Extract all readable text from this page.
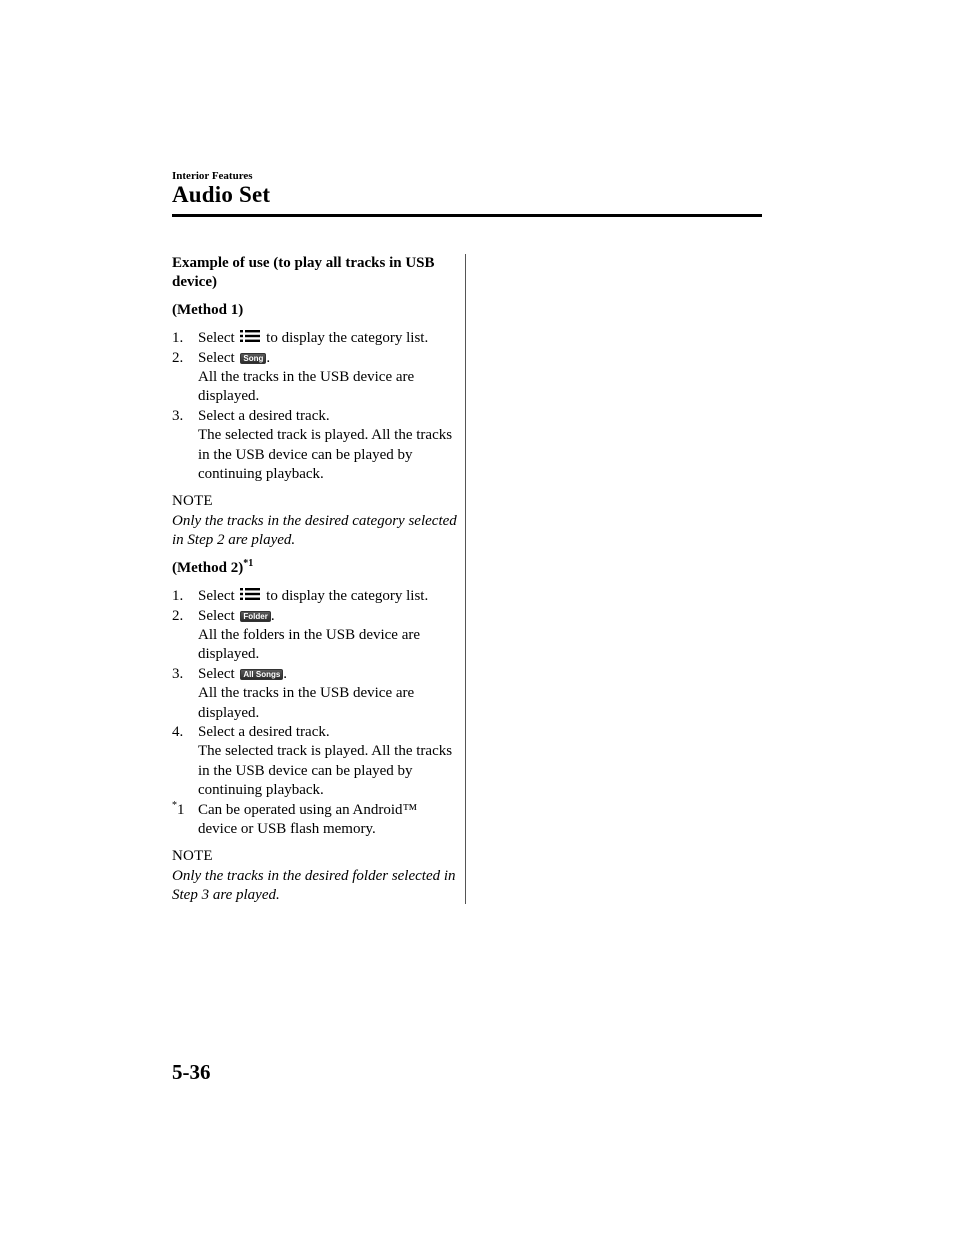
Interior Features
Audio Set
Example of use (to play all tracks in USB device)
(Method 1)
1. Select to display the category list.
2. Select Song .
All the tracks in the USB device are displayed.
3. Select a desired track.
The selected track is played. All the tracks in the USB device can be played by continuing playback.
NOTE
Only the tracks in the desired category selected in Step 2 are played.
(Method 2)$^{*1}$
1. Select to display the category list.
2. Select Folder .
All the folders in the USB device are displayed.
3. Select All Songs .
All the tracks in the USB device are displayed.
4. Select a desired track.
The selected track is played. All the tracks in the USB device can be played by continuing playback.
*1 Can be operated using an Android™ device or USB flash memory.
NOTE
Only the tracks in the desired folder selected in Step 3 are played.
5-36
